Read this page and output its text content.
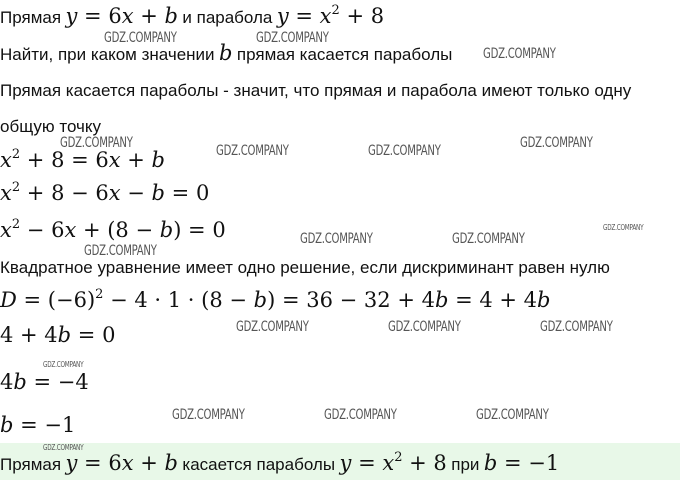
Прямая y = 6x + b и парабола $y = x^2 + 8$
Найти, при каком значении b прямая касается параболы
Прямая касается параболы - значит, что прямая и парабола имеют только одну
общую точку
$x^2 + 8 = 6x + b$
$x^2 + 8 - 6x - b = 0$
$x^2 - 6x + (8 - b) = 0$
Квадратное уравнение имеет одно решение, если дискриминант равен нулю
$D = (-6)^2 - 4 \cdot 1 \cdot (8 - b) = 36 - 32 + 4b = 4 + 4b$
4 + 4b = 0
4b = −4
b = −1
Прямая y = 6x + b касается параболы $y = x^2 + 8$ при b = −1
GDZ.COMPANY	GDZ.COMPANY
GDZ.COMPANY
GDZ.COMPANY	GDZ.COMPANY	GDZ.COMPANY	GDZ.COMPANY
GDZ.COMPANY
GDZ.COMPANY	GDZ.COMPANY
GDZ.COMPANY
GDZ.COMPANY	GDZ.COMPANY	GDZ.COMPANY
GDZ.COMPANY
GDZ.COMPANY	GDZ.COMPANY	GDZ.COMPANY
GDZ.COMPANY
